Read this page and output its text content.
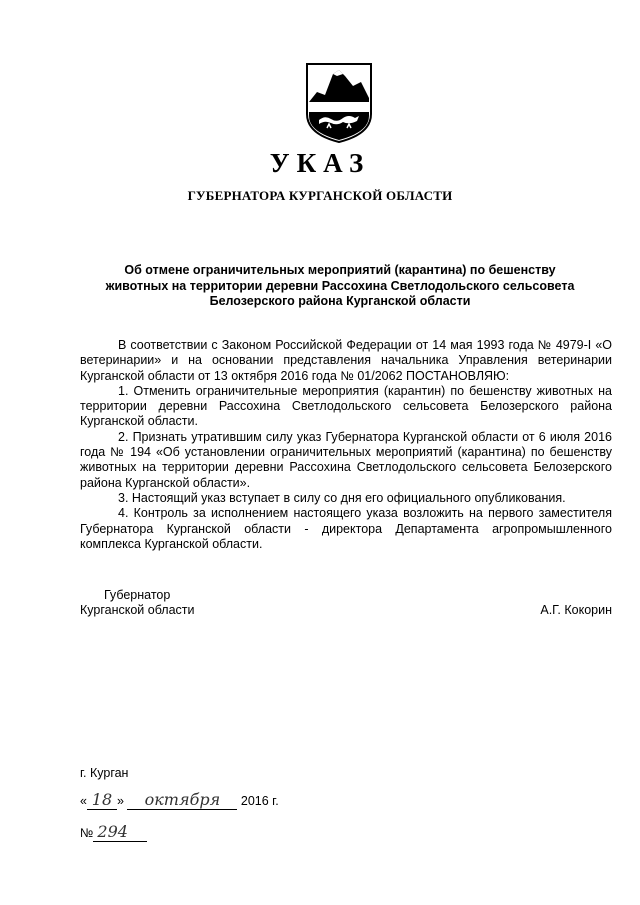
УКАЗ
ГУБЕРНАТОРА КУРГАНСКОЙ ОБЛАСТИ
Об отмене ограничительных мероприятий (карантина) по бешенству
животных на территории деревни Рассохина Светлодольского сельсовета
Белозерского района Курганской области

В соответствии с Законом Российской Федерации от 14 мая 1993 года № 4979-I «О ветеринарии» и на основании представления начальника Управления ветеринарии Курганской области от 13 октября 2016 года № 01/2062 ПОСТАНОВЛЯЮ:

1. Отменить ограничительные мероприятия (карантин) по бешенству животных на территории деревни Рассохина Светлодольского сельсовета Белозерского района Курганской области.

2. Признать утратившим силу указ Губернатора Курганской области от 6 июля 2016 года № 194 «Об установлении ограничительных мероприятий (карантина) по бешенству животных на территории деревни Рассохина Светлодольского сельсовета Белозерского района Курганской области».

3. Настоящий указ вступает в силу со дня его официального опубликования.

4. Контроль за исполнением настоящего указа возложить на первого заместителя Губернатора Курганской области - директора Департамента агропромышленного комплекса Курганской области.

Губернатор
Курганской области	А.Г. Кокорин
г. Курган
« 18 » октября 2016 г.
№ 294
